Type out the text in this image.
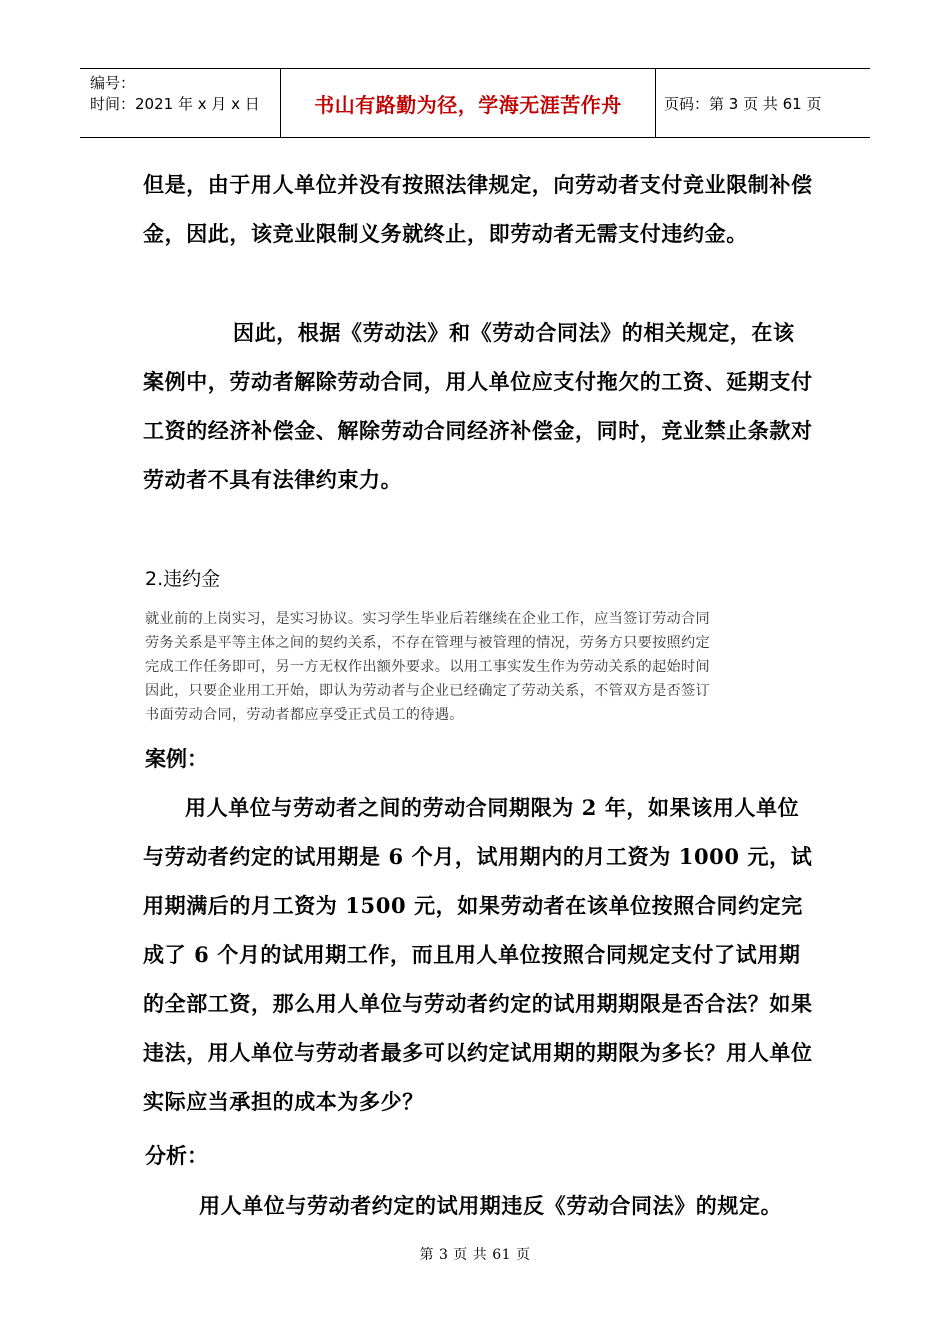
编号：
时间：2021 年 x 月 x 日	书山有路勤为径，学海无涯苦作舟	页码：第 3 页 共 61 页
但是，由于用人单位并没有按照法律规定，向劳动者支付竞业限制补偿金，因此，该竞业限制义务就终止，即劳动者无需支付违约金。
因此，根据《劳动法》和《劳动合同法》的相关规定，在该案例中，劳动者解除劳动合同，用人单位应支付拖欠的工资、延期支付工资的经济补偿金、解除劳动合同经济补偿金，同时，竞业禁止条款对劳动者不具有法律约束力。
2.违约金
就业前的上岗实习，是实习协议。实习学生毕业后若继续在企业工作，应当签订劳动合同
劳务关系是平等主体之间的契约关系，不存在管理与被管理的情况，劳务方只要按照约定
完成工作任务即可，另一方无权作出额外要求。以用工事实发生作为劳动关系的起始时间
因此，只要企业用工开始，即认为劳动者与企业已经确定了劳动关系，不管双方是否签订
书面劳动合同，劳动者都应享受正式员工的待遇。
案例：
用人单位与劳动者之间的劳动合同期限为 2 年，如果该用人单位与劳动者约定的试用期是 6 个月，试用期内的月工资为 1000 元，试用期满后的月工资为 1500 元，如果劳动者在该单位按照合同约定完成了 6 个月的试用期工作，而且用人单位按照合同规定支付了试用期的全部工资，那么用人单位与劳动者约定的试用期期限是否合法？如果违法，用人单位与劳动者最多可以约定试用期的期限为多长？用人单位实际应当承担的成本为多少？
分析：
用人单位与劳动者约定的试用期违反《劳动合同法》的规定。
第 3 页 共 61 页
